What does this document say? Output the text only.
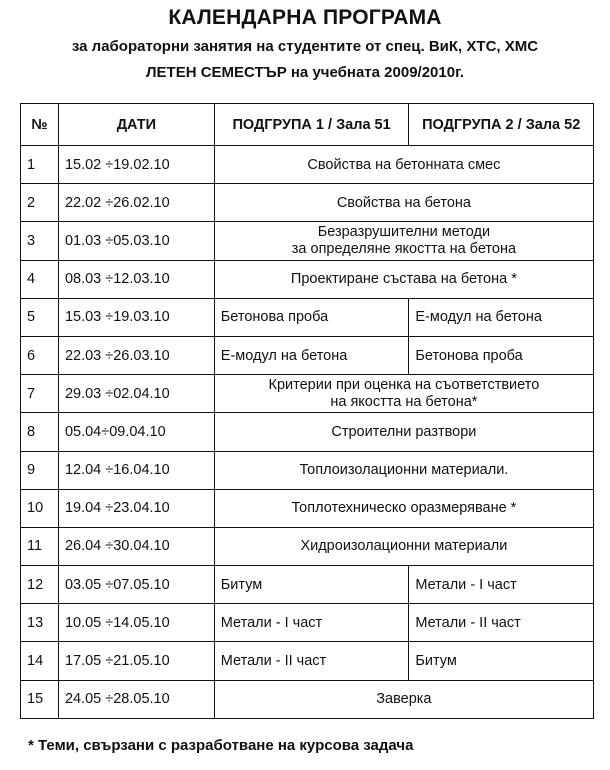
КАЛЕНДАРНА ПРОГРАМА
за лабораторни занятия на студентите от спец. ВиК, ХТС, ХМС
ЛЕТЕН СЕМЕСТЪР на учебната 2009/2010г.
№	ДАТИ	ПОДГРУПА 1 / Зала 51	ПОДГРУПА 2 / Зала 52
1	15.02 ÷19.02.10	Свойства на бетонната смес	
2	22.02 ÷26.02.10	Свойства на бетона	
3	01.03 ÷05.03.10	Безразрушителни методи
за определяне якостта на бетона	

4	08.03 ÷12.03.10	Проектиране състава на бетона *	
5	15.03 ÷19.03.10	Бетонова проба	Е-модул на бетона
6	22.03 ÷26.03.10	Е-модул на бетона	Бетонова проба
7	29.03 ÷02.04.10	Критерии при оценка на съответствието
на якостта на бетона*	

8	05.04÷09.04.10	Строителни разтвори	
9	12.04 ÷16.04.10	Топлоизолационни материали.	
10	19.04 ÷23.04.10	Топлотехническо оразмеряване *	
11	26.04 ÷30.04.10	Хидроизолационни материали	
12	03.05 ÷07.05.10	Битум	Метали - I част
13	10.05 ÷14.05.10	Метали - I част	Метали - II част
14	17.05 ÷21.05.10	Метали - II част	Битум
15	24.05 ÷28.05.10	Заверка	
* Теми, свързани с разработване на курсова задача
